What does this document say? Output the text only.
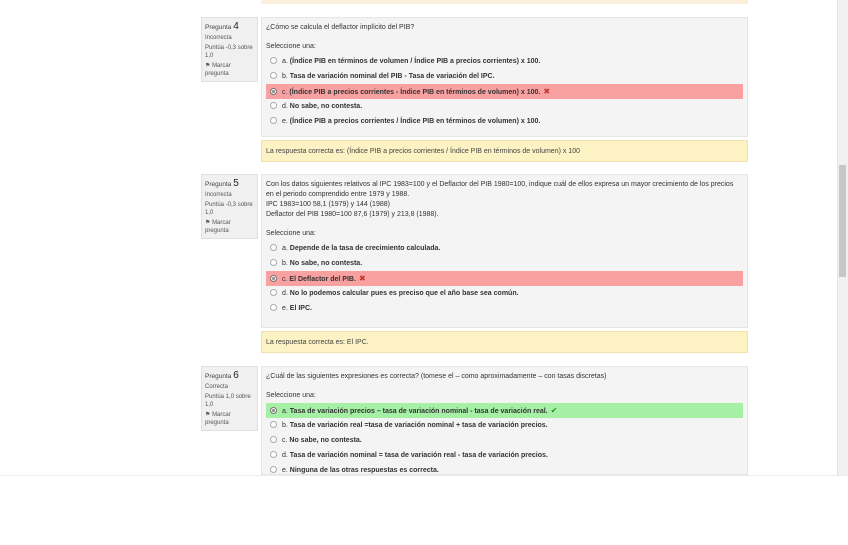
Pregunta 4
Incorrecta
Puntúa -0,3 sobre 1,0
⚑ Marcar pregunta
¿Cómo se calcula el deflactor implícito del PIB?
Seleccione una:
a. (Índice PIB en términos de volumen / Índice PIB a precios corrientes) x 100.
b. Tasa de variación nominal del PIB - Tasa de variación del IPC.
c. (Índice PIB a precios corrientes - Índice PIB en términos de volumen) x 100. ✖
d. No sabe, no contesta.
e. (Índice PIB a precios corrientes / Índice PIB en términos de volumen) x 100.
La respuesta correcta es: (Índice PIB a precios corrientes / Índice PIB en términos de volumen) x 100
Pregunta 5
Incorrecta
Puntúa -0,3 sobre 1,0
⚑ Marcar pregunta
Con los datos siguientes relativos al IPC 1983=100 y el Deflactor del PIB 1980=100, indique cuál de ellos expresa un mayor crecimiento de los precios en el periodo comprendido entre 1979 y 1988.
IPC 1983=100 58,1 (1979) y 144 (1988)
Deflactor del PIB 1980=100 87,6 (1979) y 213,8 (1988).
Seleccione una:
a. Depende de la tasa de crecimiento calculada.
b. No sabe, no contesta.
c. El Deflactor del PIB. ✖
d. No lo podemos calcular pues es preciso que el año base sea común.
e. El IPC.
La respuesta correcta es: El IPC.
Pregunta 6
Correcta
Puntúa 1,0 sobre 1,0
⚑ Marcar pregunta
¿Cuál de las siguientes expresiones es correcta? (tomese el – como aproximadamente – con tasas discretas)
Seleccione una:
a. Tasa de variación precios – tasa de variación nominal - tasa de variación real. ✔
b. Tasa de variación real =tasa de variación nominal + tasa de variación precios.
c. No sabe, no contesta.
d. Tasa de variación nominal = tasa de variación real - tasa de variación precios.
e. Ninguna de las otras respuestas es correcta.
